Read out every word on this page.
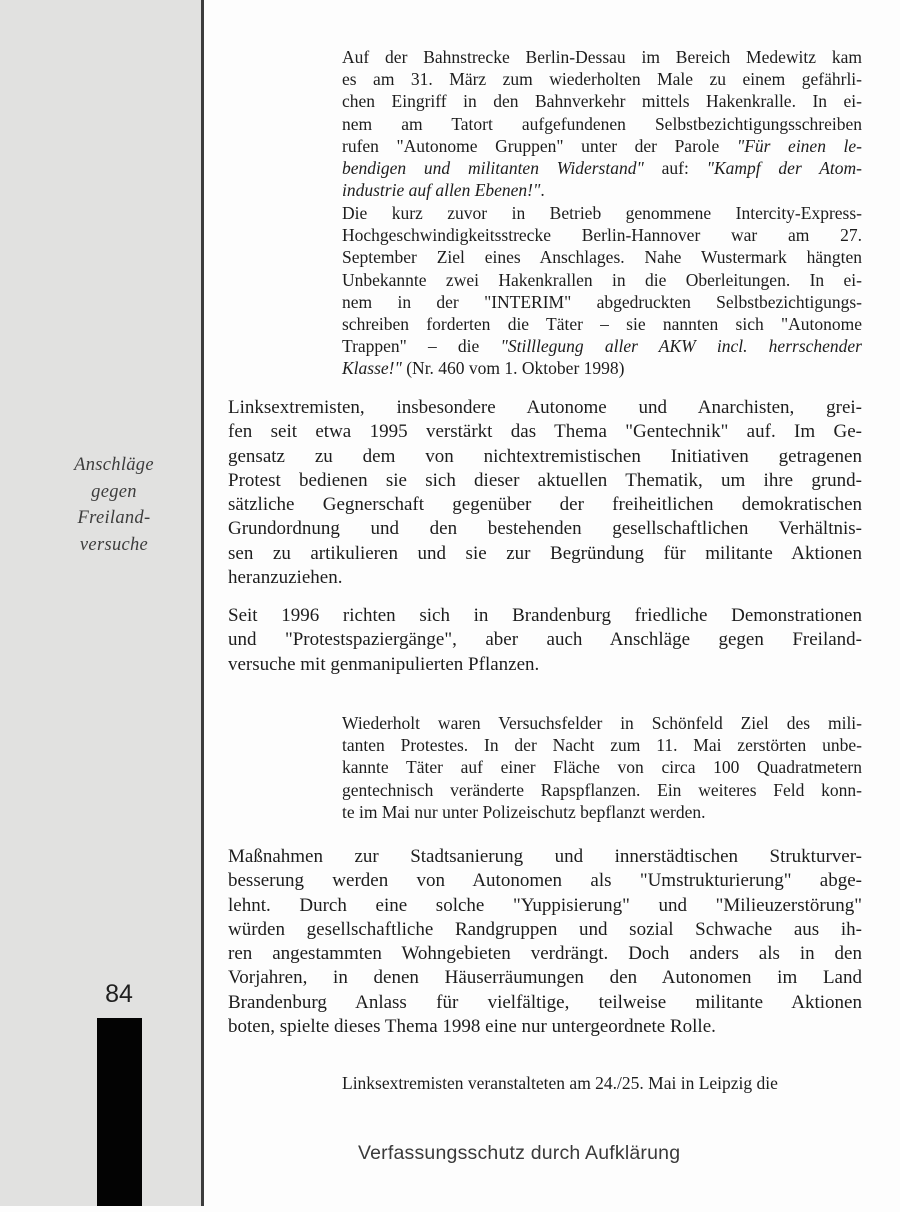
Anschläge
gegen
Freiland-
versuche
84
Auf der Bahnstrecke Berlin-Dessau im Bereich Medewitz kam
es am 31. März zum wiederholten Male zu einem gefährli-
chen Eingriff in den Bahnverkehr mittels Hakenkralle. In ei-
nem am Tatort aufgefundenen Selbstbezichtigungsschreiben
rufen "Autonome Gruppen" unter der Parole "Für einen le-
bendigen und militanten Widerstand" auf: "Kampf der Atom-
industrie auf allen Ebenen!".
Die kurz zuvor in Betrieb genommene Intercity-Express-
Hochgeschwindigkeitsstrecke Berlin-Hannover war am 27.
September Ziel eines Anschlages. Nahe Wustermark hängten
Unbekannte zwei Hakenkrallen in die Oberleitungen. In ei-
nem in der "INTERIM" abgedruckten Selbstbezichtigungs-
schreiben forderten die Täter – sie nannten sich "Autonome
Trappen" – die "Stilllegung aller AKW incl. herrschender
Klasse!" (Nr. 460 vom 1. Oktober 1998)
Linksextremisten, insbesondere Autonome und Anarchisten, grei-
fen seit etwa 1995 verstärkt das Thema "Gentechnik" auf. Im Ge-
gensatz zu dem von nichtextremistischen Initiativen getragenen
Protest bedienen sie sich dieser aktuellen Thematik, um ihre grund-
sätzliche Gegnerschaft gegenüber der freiheitlichen demokratischen
Grundordnung und den bestehenden gesellschaftlichen Verhältnis-
sen zu artikulieren und sie zur Begründung für militante Aktionen
heranzuziehen.
Seit 1996 richten sich in Brandenburg friedliche Demonstrationen
und "Protestspaziergänge", aber auch Anschläge gegen Freiland-
versuche mit genmanipulierten Pflanzen.
Wiederholt waren Versuchsfelder in Schönfeld Ziel des mili-
tanten Protestes. In der Nacht zum 11. Mai zerstörten unbe-
kannte Täter auf einer Fläche von circa 100 Quadratmetern
gentechnisch veränderte Rapspflanzen. Ein weiteres Feld konn-
te im Mai nur unter Polizeischutz bepflanzt werden.
Maßnahmen zur Stadtsanierung und innerstädtischen Strukturver-
besserung werden von Autonomen als "Umstrukturierung" abge-
lehnt. Durch eine solche "Yuppisierung" und "Milieuzerstörung"
würden gesellschaftliche Randgruppen und sozial Schwache aus ih-
ren angestammten Wohngebieten verdrängt. Doch anders als in den
Vorjahren, in denen Häuserräumungen den Autonomen im Land
Brandenburg Anlass für vielfältige, teilweise militante Aktionen
boten, spielte dieses Thema 1998 eine nur untergeordnete Rolle.
Linksextremisten veranstalteten am 24./25. Mai in Leipzig die
Verfassungsschutz durch Aufklärung
